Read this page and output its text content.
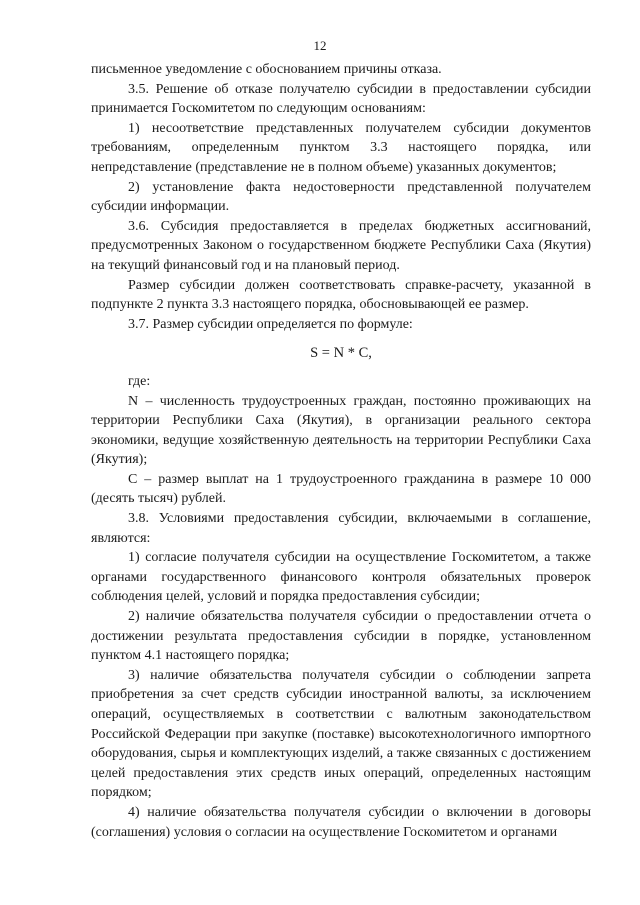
12

письменное уведомление с обоснованием причины отказа.

3.5. Решение об отказе получателю субсидии в предоставлении субсидии принимается Госкомитетом по следующим основаниям:

1) несоответствие представленных получателем субсидии документов требованиям, определенным пунктом 3.3 настоящего порядка, или непредставление (представление не в полном объеме) указанных документов;

2) установление факта недостоверности представленной получателем субсидии информации.

3.6. Субсидия предоставляется в пределах бюджетных ассигнований, предусмотренных Законом о государственном бюджете Республики Саха (Якутия) на текущий финансовый год и на плановый период.

Размер субсидии должен соответствовать справке-расчету, указанной в подпункте 2 пункта 3.3 настоящего порядка, обосновывающей ее размер.

3.7. Размер субсидии определяется по формуле:

S = N * C,

где:

N – численность трудоустроенных граждан, постоянно проживающих на территории Республики Саха (Якутия), в организации реального сектора экономики, ведущие хозяйственную деятельность на территории Республики Саха (Якутия);

C – размер выплат на 1 трудоустроенного гражданина в размере 10 000 (десять тысяч) рублей.

3.8. Условиями предоставления субсидии, включаемыми в соглашение, являются:

1) согласие получателя субсидии на осуществление Госкомитетом, а также органами государственного финансового контроля обязательных проверок соблюдения целей, условий и порядка предоставления субсидии;

2) наличие обязательства получателя субсидии о предоставлении отчета о достижении результата предоставления субсидии в порядке, установленном пунктом 4.1 настоящего порядка;

3) наличие обязательства получателя субсидии о соблюдении запрета приобретения за счет средств субсидии иностранной валюты, за исключением операций, осуществляемых в соответствии с валютным законодательством Российской Федерации при закупке (поставке) высокотехнологичного импортного оборудования, сырья и комплектующих изделий, а также связанных с достижением целей предоставления этих средств иных операций, определенных настоящим порядком;

4) наличие обязательства получателя субсидии о включении в договоры (соглашения) условия о согласии на осуществление Госкомитетом и органами
